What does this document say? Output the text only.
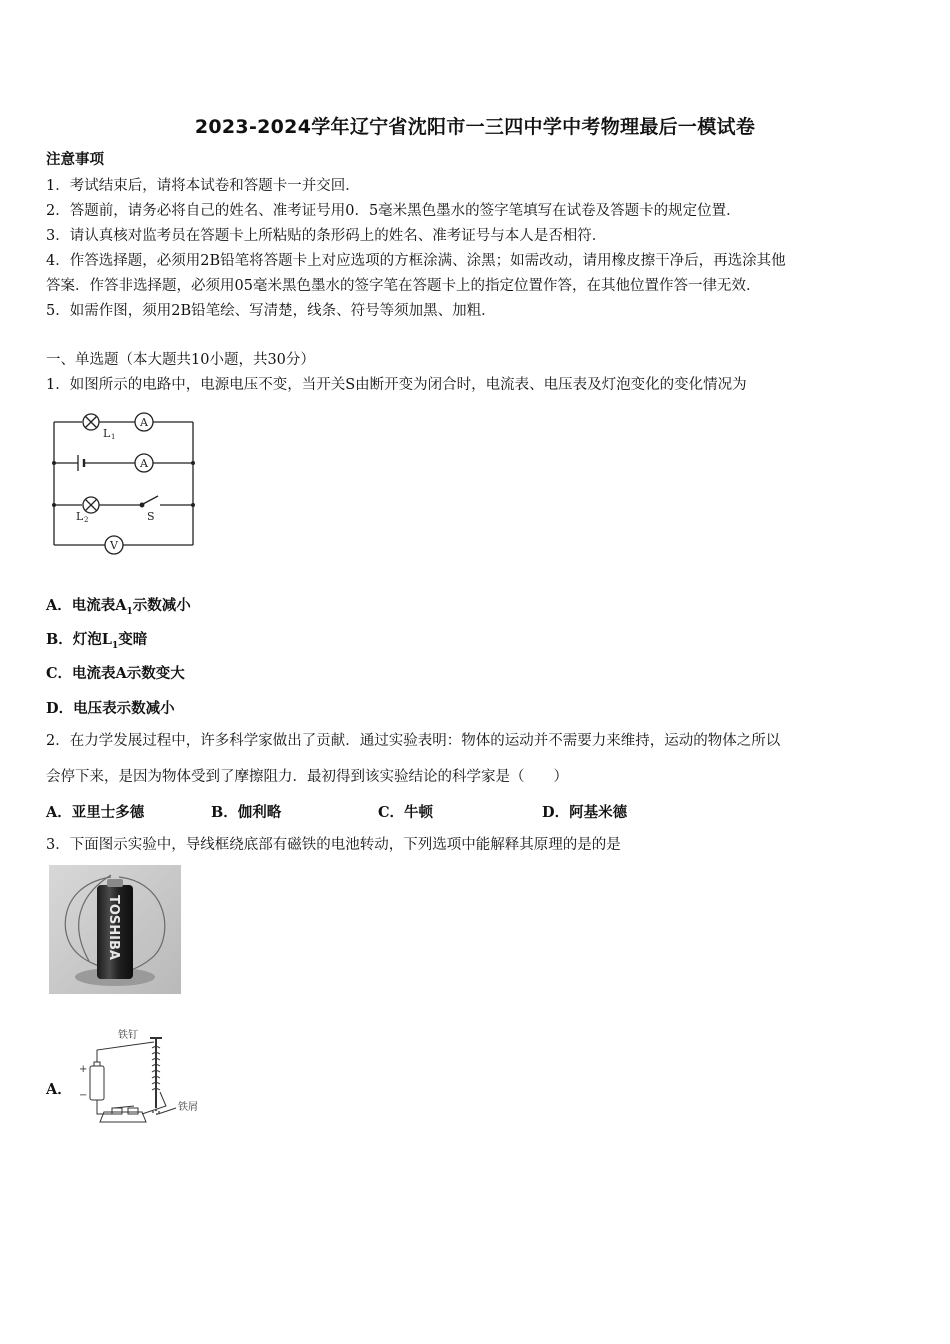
2023-2024学年辽宁省沈阳市一三四中学中考物理最后一模试卷
注意事项
1．考试结束后，请将本试卷和答题卡一并交回．
2．答题前，请务必将自己的姓名、准考证号用0．5毫米黑色墨水的签字笔填写在试卷及答题卡的规定位置．
3．请认真核对监考员在答题卡上所粘贴的条形码上的姓名、准考证号与本人是否相符．
4．作答选择题，必须用2B铅笔将答题卡上对应选项的方框涂满、涂黑；如需改动，请用橡皮擦干净后，再选涂其他
答案．作答非选择题，必须用05毫米黑色墨水的签字笔在答题卡上的指定位置作答，在其他位置作答一律无效．
5．如需作图，须用2B铅笔绘、写清楚，线条、符号等须加黑、加粗．
一、单选题（本大题共10小题，共30分）
1．如图所示的电路中，电源电压不变，当开关S由断开变为闭合时，电流表、电压表及灯泡变化的变化情况为
A
A
V
L 1
L 2	S
A．电流表$A_1$示数减小
B．灯泡$L_1$变暗
C．电流表A示数变大
D．电压表示数减小
2．在力学发展过程中，许多科学家做出了贡献．通过实验表明：物体的运动并不需要力来维持，运动的物体之所以
会停下来，是因为物体受到了摩擦阻力．最初得到该实验结论的科学家是（　　）
A．亚里士多德	B．伽利略	C．牛顿	D．阿基米德
3．下面图示实验中，导线框绕底部有磁铁的电池转动，下列选项中能解释其原理的是的是
TOSHIBA
A．
铁钉
铁屑
+
−
